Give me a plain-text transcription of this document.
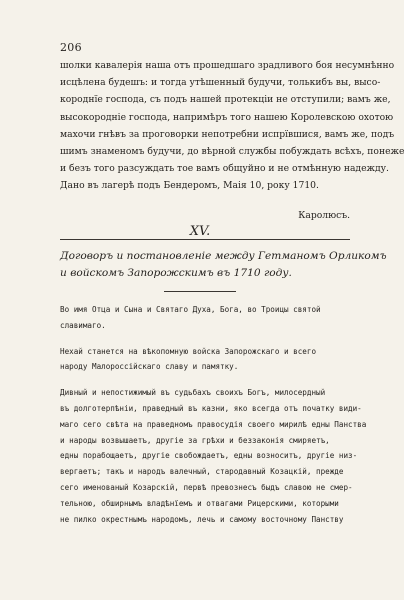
206
шолки кавалерія наша отъ прошедшаго зрадливого боя несумнѣнно
исцѣлена будешъ: и тогда утѣшенный будучи, толькибъ вы, высо-
короднїе господа, съ подъ нашей протекціи не отступили; вамъ же,
высокородніе господа, напримѣръ того нашею Королевскою охотою
махочи гнѣвъ за проговорки непотребни испрївшися, вамъ же, подъ
шимъ знаменомъ будучи, до вѣрной службы побуждать всѣхъ, понеже
и безъ того разсуждать тое вамъ общуйно и не отмѣнную надежду.
Дано въ лагерѣ подъ Бендеромъ, Маія 10, року 1710.
Каролюсъ.
XV.
Договоръ и постановленіе между Гетманомъ Орликомъ
и войскомъ Запорожскимъ въ 1710 году.
Во имя Отца и Сына и Святаго Духа, Бога, во Троицы святой
славимаго.
Нехай станется на вѣкопомную войска Запорожскаго и всего
народу Малороссійскаго славу и памятку.
Дивный и непостижимый въ судьбахъ своихъ Богъ, милосердный
въ долготерпѣніи, праведный въ казни, яко всегда отъ початку види-
мaго сего свѣта на праведномъ правосудія своего мирилѣ едны Панства
и народы возвышаетъ, другіе за грѣхи и беззаконія смиряетъ,
едны порабощаетъ, другіе свобождаетъ, едны возноситъ, другіе низ-
вергаетъ; такъ и народъ валечный, стародавный Козацкій, прежде
сего именованый Козарскій, первѣ превознесъ быдъ славою не смер-
тельною, обширнымъ владѣнїемъ и отвагами Рицерскими, которыми
не пилко окрестнымъ народомъ, лечь и самому восточному Панству
